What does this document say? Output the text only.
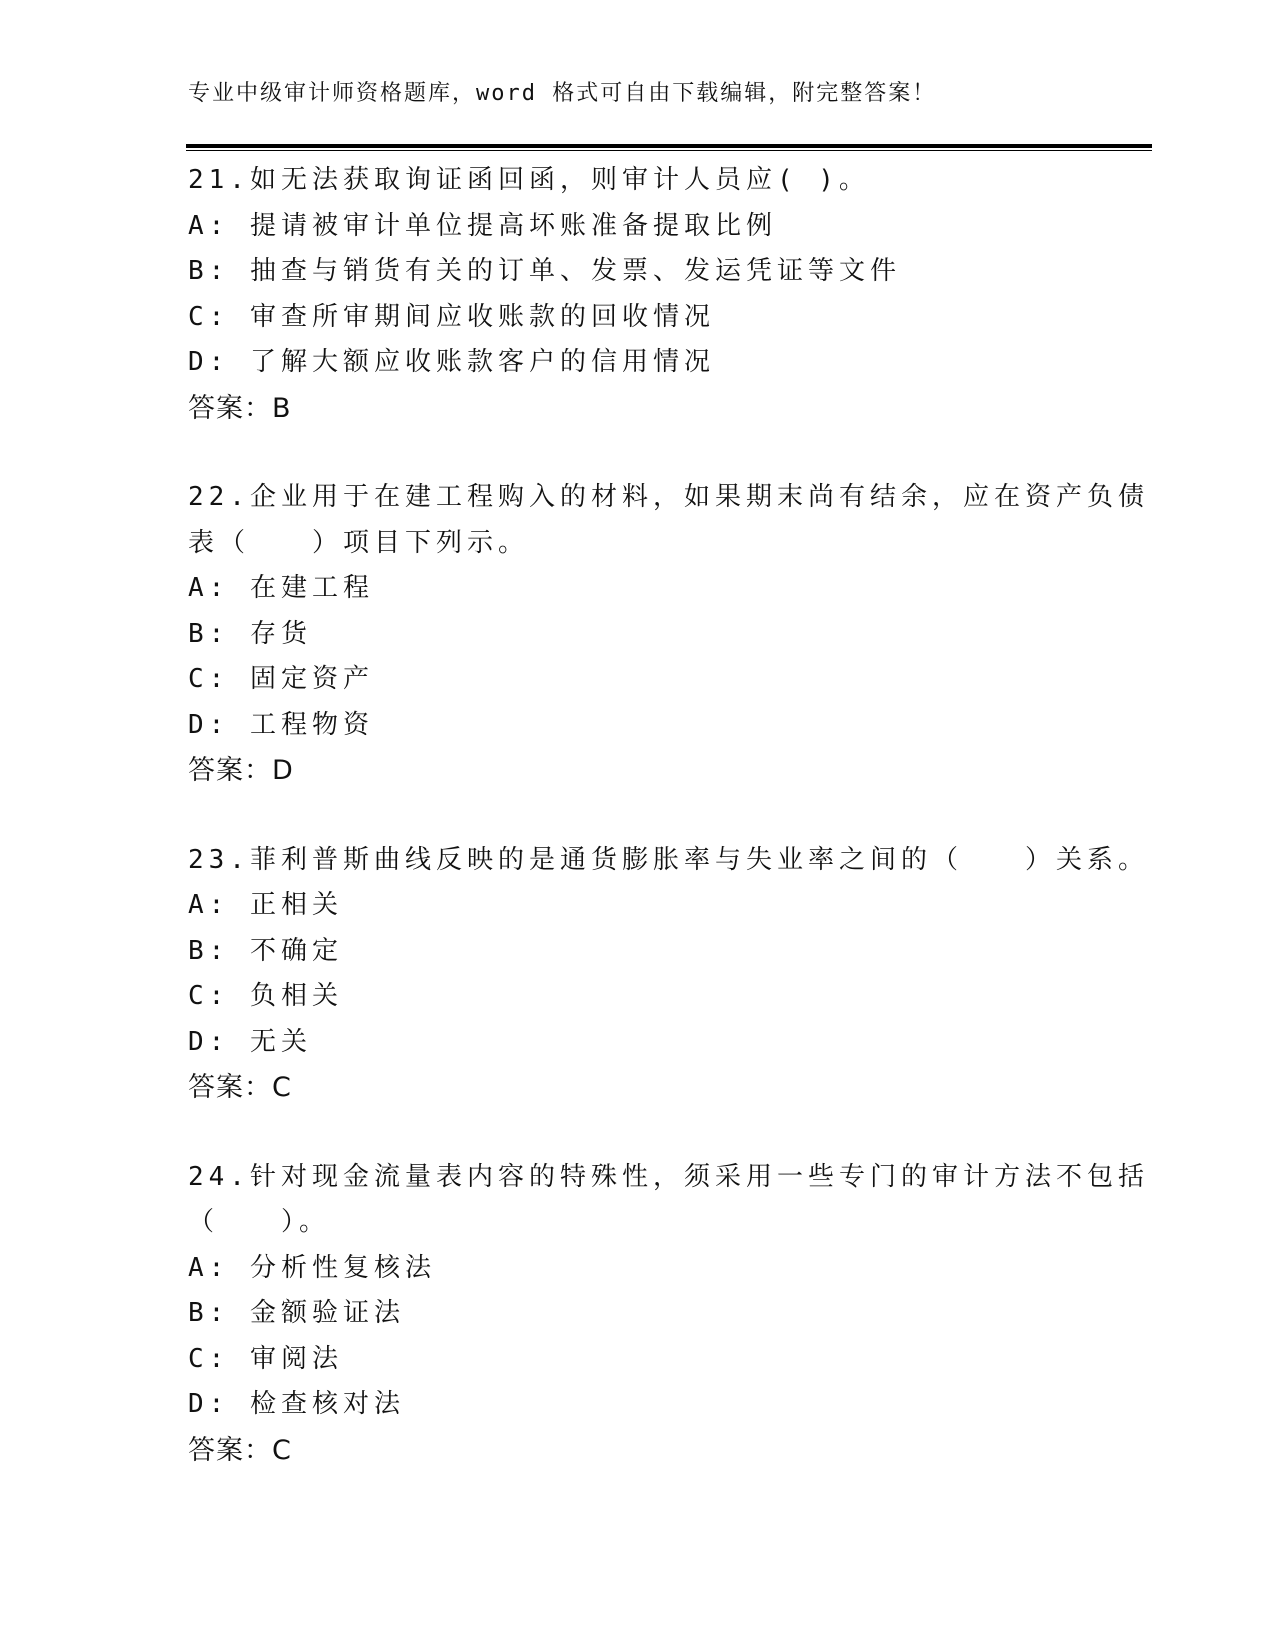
专业中级审计师资格题库，word 格式可自由下载编辑，附完整答案！
21.如无法获取询证函回函，则审计人员应( )。
A: 提请被审计单位提高坏账准备提取比例
B: 抽查与销货有关的订单、发票、发运凭证等文件
C: 审查所审期间应收账款的回收情况
D: 了解大额应收账款客户的信用情况
答案：B
22.企业用于在建工程购入的材料，如果期末尚有结余，应在资产负债
表（　　）项目下列示。
A: 在建工程
B: 存货
C: 固定资产
D: 工程物资
答案：D
23.菲利普斯曲线反映的是通货膨胀率与失业率之间的（　　）关系。
A: 正相关
B: 不确定
C: 负相关
D: 无关
答案：C
24.针对现金流量表内容的特殊性，须采用一些专门的审计方法不包括
（　　）。
A: 分析性复核法
B: 金额验证法
C: 审阅法
D: 检查核对法
答案：C
